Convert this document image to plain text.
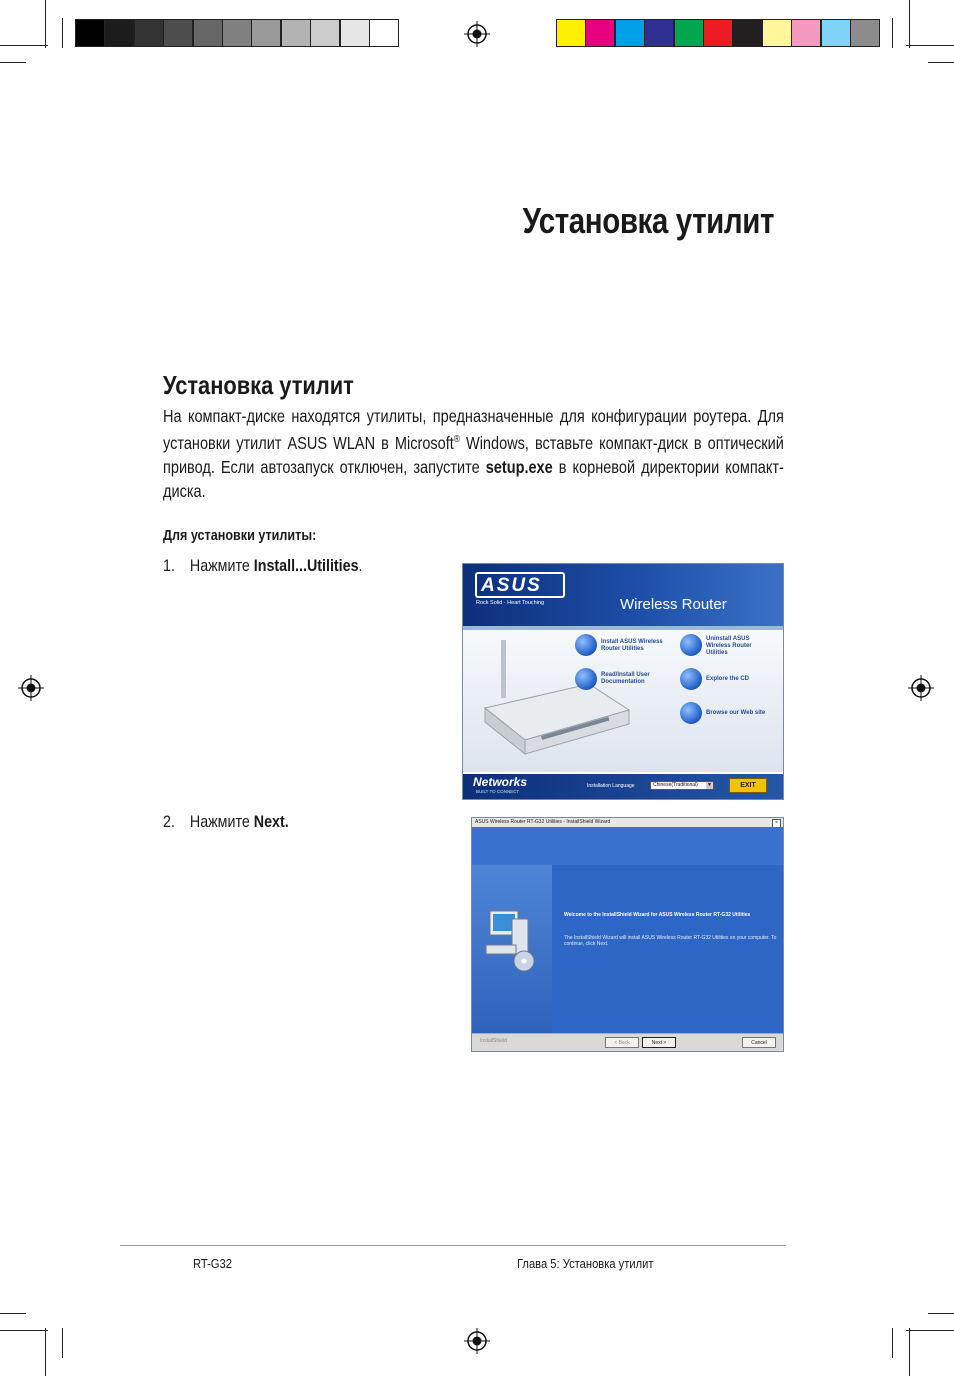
Установка утилит
Установка утилит
На компакт-диске находятся утилиты, предназначенные для конфигурации роутера. Для установки утилит ASUS WLAN в Microsoft® Windows, вставьте компакт-диск в оптический привод. Если автозапуск отключен, запустите setup.exe в корневой директории компакт-диска.
Для установки утилиты:
1. Нажмите Install...Utilities.
2. Нажмите Next.
ASUS
Rock Solid · Heart Touching	Wireless Router
Install ASUS Wireless Router Utilities
Uninstall ASUS Wireless Router Utilities
Read/Install User Documentation	Explore the CD
Browse our Web site
Networks
BUILT TO CONNECT
Installation Language	Chinese(Traditional) ▼	EXIT
ASUS Wireless Router RT-G32 Utilities - InstallShield Wizard	×
Welcome to the InstallShield Wizard for ASUS Wireless Router RT-G32 Utilities
The InstallShield Wizard will install ASUS Wireless Router RT-G32 Utilities on your computer. To continue, click Next.
InstallShield	< Back	Next >	Cancel
RT-G32	Глава 5: Установка утилит
